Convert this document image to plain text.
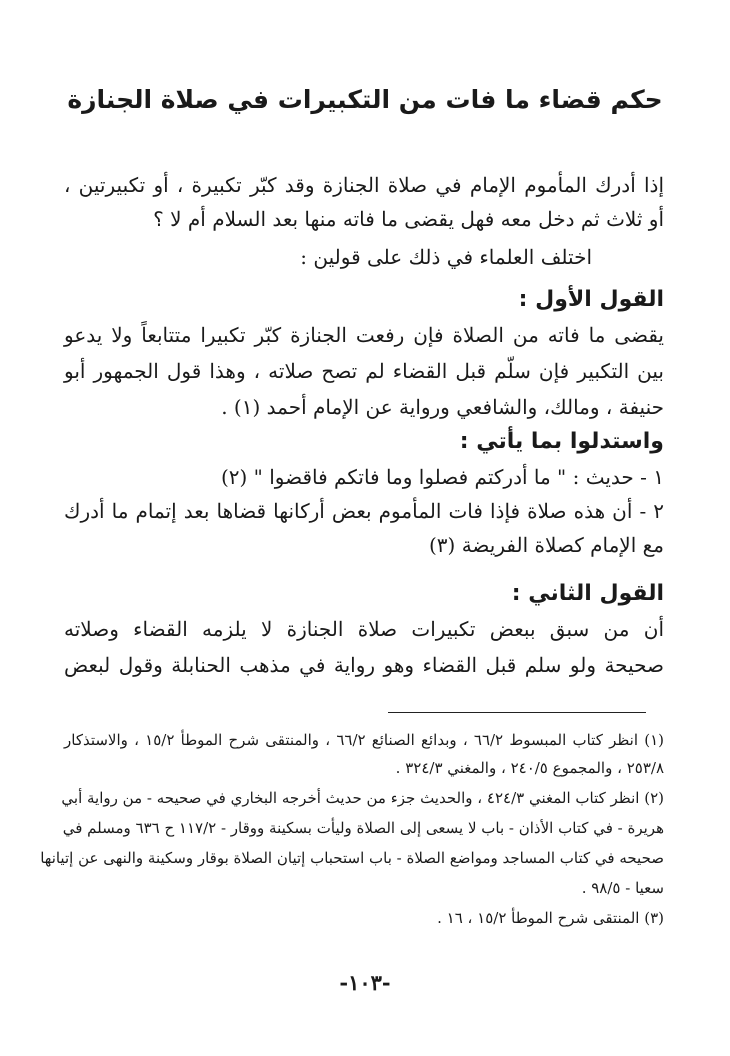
حكم قضاء ما فات من التكبيرات في صلاة الجنازة
إذا أدرك المأموم الإمام في صلاة الجنازة وقد كبّر تكبيرة ، أو تكبيرتين ،
أو ثلاث ثم دخل معه فهل يقضى ما فاته منها بعد السلام أم لا ؟
اختلف العلماء في ذلك على قولين :
القول الأول :
يقضى ما فاته من الصلاة فإن رفعت الجنازة كبّر تكبيرا متتابعاً ولا يدعو
بين التكبير فإن سلّم قبل القضاء لم تصح صلاته ، وهذا قول الجمهور أبو
حنيفة ، ومالك، والشافعي ورواية عن الإمام أحمد (١) .
واستدلوا بما يأتي :
١ - حديث : " ما أدركتم فصلوا وما فاتكم فاقضوا " (٢)
٢ - أن هذه صلاة فإذا فات المأموم بعض أركانها قضاها بعد إتمام ما أدرك
مع الإمام كصلاة الفريضة (٣)
القول الثاني :
أن من سبق ببعض تكبيرات صلاة الجنازة لا يلزمه القضاء وصلاته
صحيحة ولو سلم قبل القضاء وهو رواية في مذهب الحنابلة وقول لبعض
(١) انظر كتاب المبسوط ٦٦/٢ ، وبدائع الصنائع ٦٦/٢ ، والمنتقى شرح الموطأ ١٥/٢ ، والاستذكار
٢٥٣/٨ ، والمجموع ٢٤٠/٥ ، والمغني ٣٢٤/٣ .
(٢) انظر كتاب المغني ٤٢٤/٣ ، والحديث جزء من حديث أخرجه البخاري في صحيحه - من رواية أبي
هريرة - في كتاب الأذان - باب لا يسعى إلى الصلاة وليأت بسكينة ووقار - ١١٧/٢ ح ٦٣٦ ومسلم في
صحيحه في كتاب المساجد ومواضع الصلاة - باب استحباب إتيان الصلاة بوقار وسكينة والنهى عن إتيانها
سعيا - ٩٨/٥ .
(٣) المنتقى شرح الموطأ ١٥/٢ ، ١٦ .
-١٠٣-
